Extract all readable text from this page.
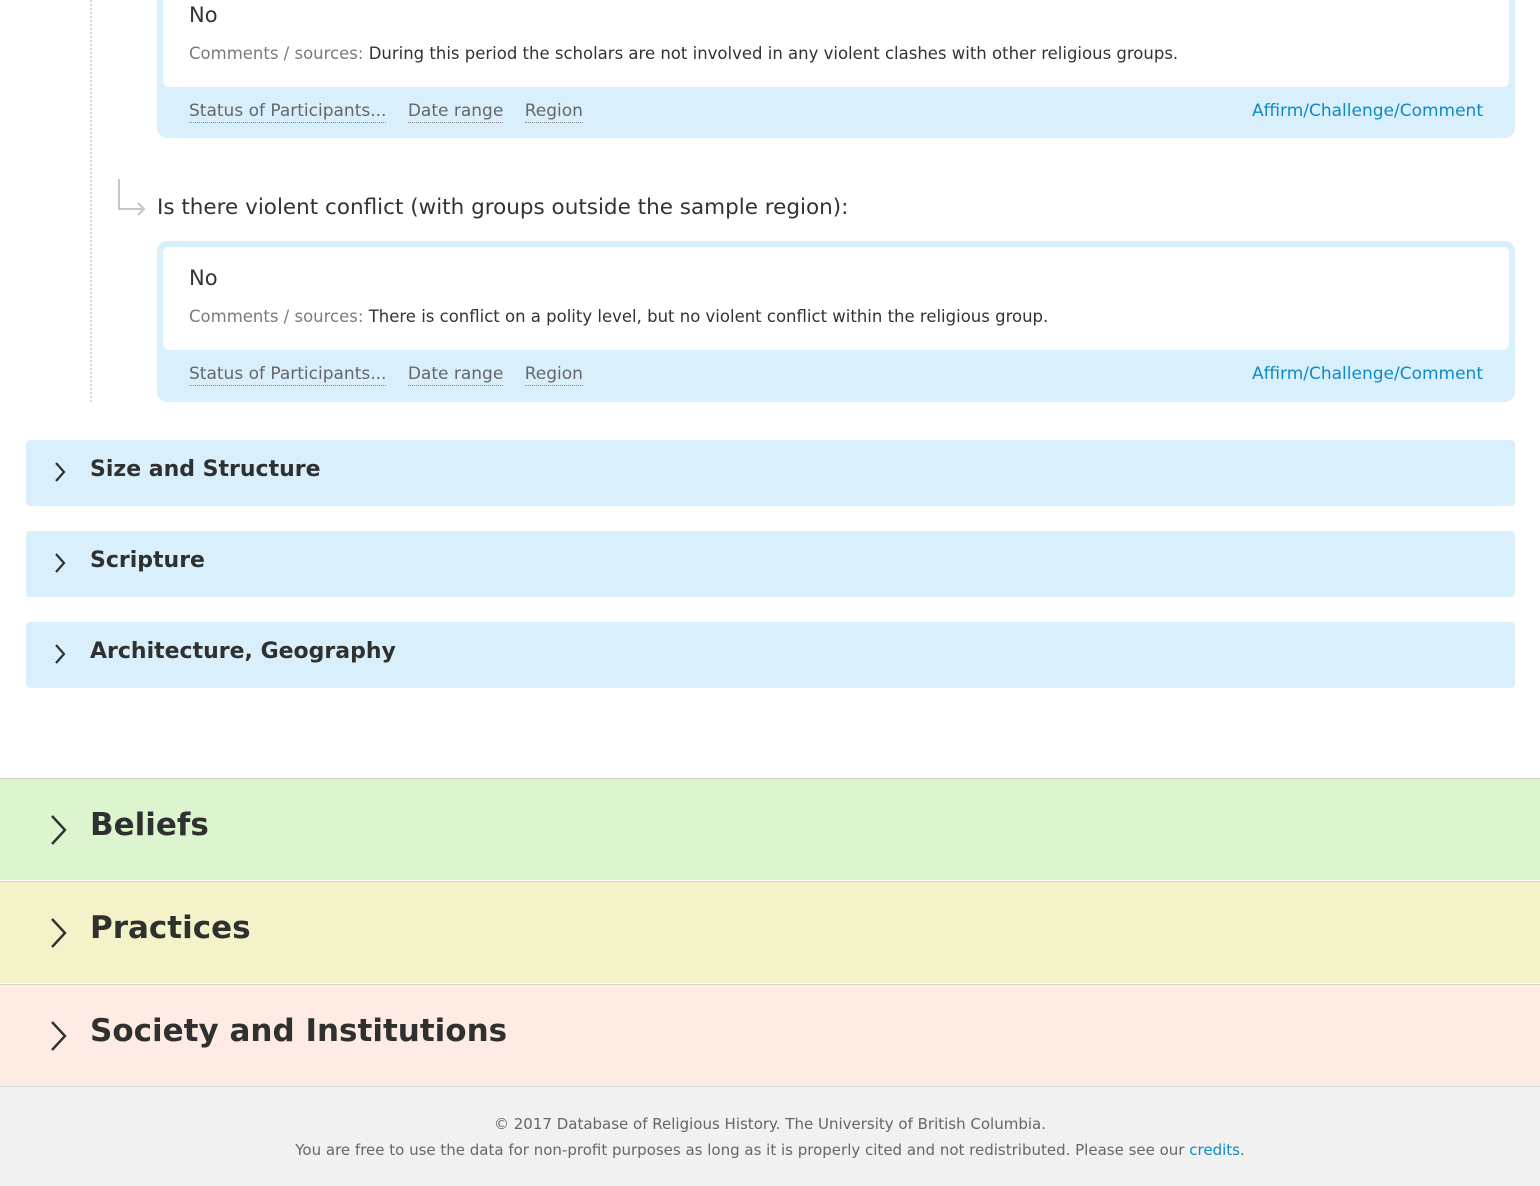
No
Comments / sources: During this period the scholars are not involved in any violent clashes with other religious groups.
Status of Participants... Date range Region	Affirm/Challenge/Comment
Is there violent conflict (with groups outside the sample region):
No
Comments / sources: There is conflict on a polity level, but no violent conflict within the religious group.
Status of Participants... Date range Region	Affirm/Challenge/Comment
Size and Structure
Scripture
Architecture, Geography
Beliefs
Practices
Society and Institutions
© 2017 Database of Religious History. The University of British Columbia.
You are free to use the data for non-profit purposes as long as it is properly cited and not redistributed. Please see our credits.
